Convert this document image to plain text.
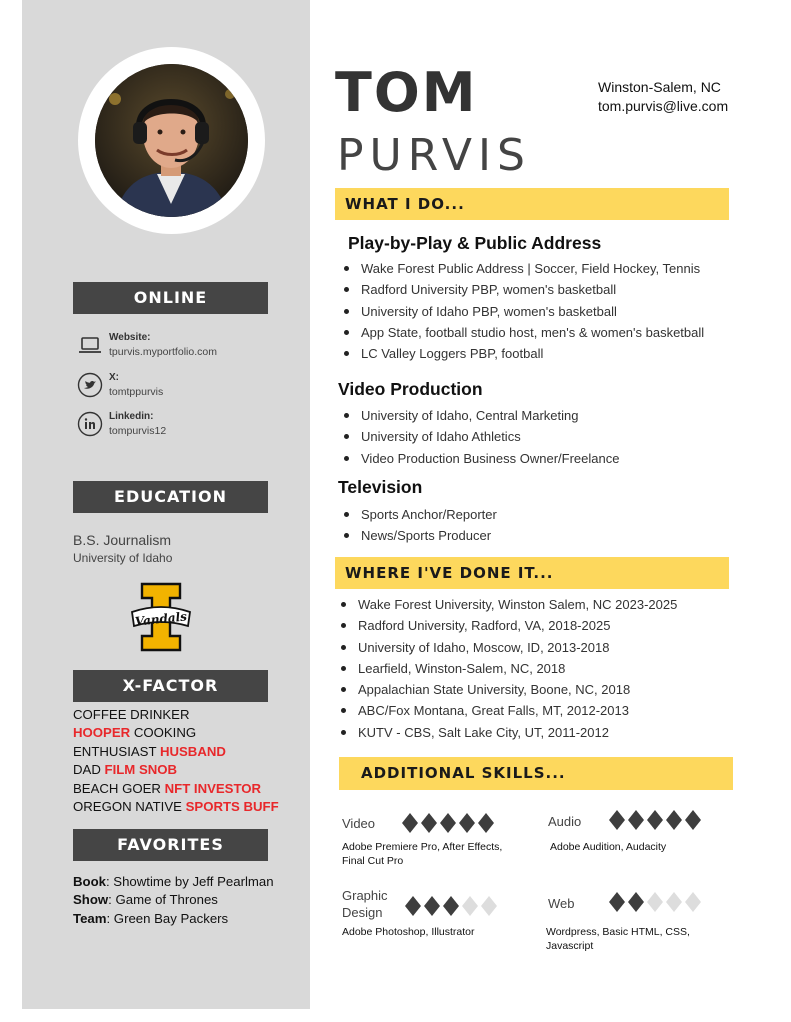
ONLINE
Website:
tpurvis.myportfolio.com
X:
tomtppurvis
Linkedin:
tompurvis12
EDUCATION
B.S. Journalism
University of Idaho
Vandals
X-FACTOR
COFFEE DRINKER
HOOPER COOKING
ENTHUSIAST HUSBAND
DAD FILM SNOB
BEACH GOER NFT INVESTOR
OREGON NATIVE SPORTS BUFF
FAVORITES
Book: Showtime by Jeff Pearlman
Show: Game of Thrones
Team: Green Bay Packers
TOM
PURVIS
Winston-Salem, NC
tom.purvis@live.com
WHAT I DO...
Play-by-Play & Public Address
Wake Forest Public Address | Soccer, Field Hockey, Tennis
Radford University PBP, women's basketball
University of Idaho PBP, women's basketball
App State, football studio host, men's & women's basketball
LC Valley Loggers PBP, football
Video Production
University of Idaho, Central Marketing
University of Idaho Athletics
Video Production Business Owner/Freelance
Television
Sports Anchor/Reporter
News/Sports Producer
WHERE I'VE DONE IT...
Wake Forest University, Winston Salem, NC 2023-2025
Radford University, Radford, VA, 2018-2025
University of Idaho, Moscow, ID, 2013-2018
Learfield, Winston-Salem, NC, 2018
Appalachian State University, Boone, NC, 2018
ABC/Fox Montana, Great Falls, MT, 2012-2013
KUTV - CBS, Salt Lake City, UT, 2011-2012
ADDITIONAL SKILLS...
Video
Adobe Premiere Pro, After Effects, Final Cut Pro
Audio
Adobe Audition, Audacity
Graphic Design
Adobe Photoshop, Illustrator
Web
Wordpress, Basic HTML, CSS, Javascript
